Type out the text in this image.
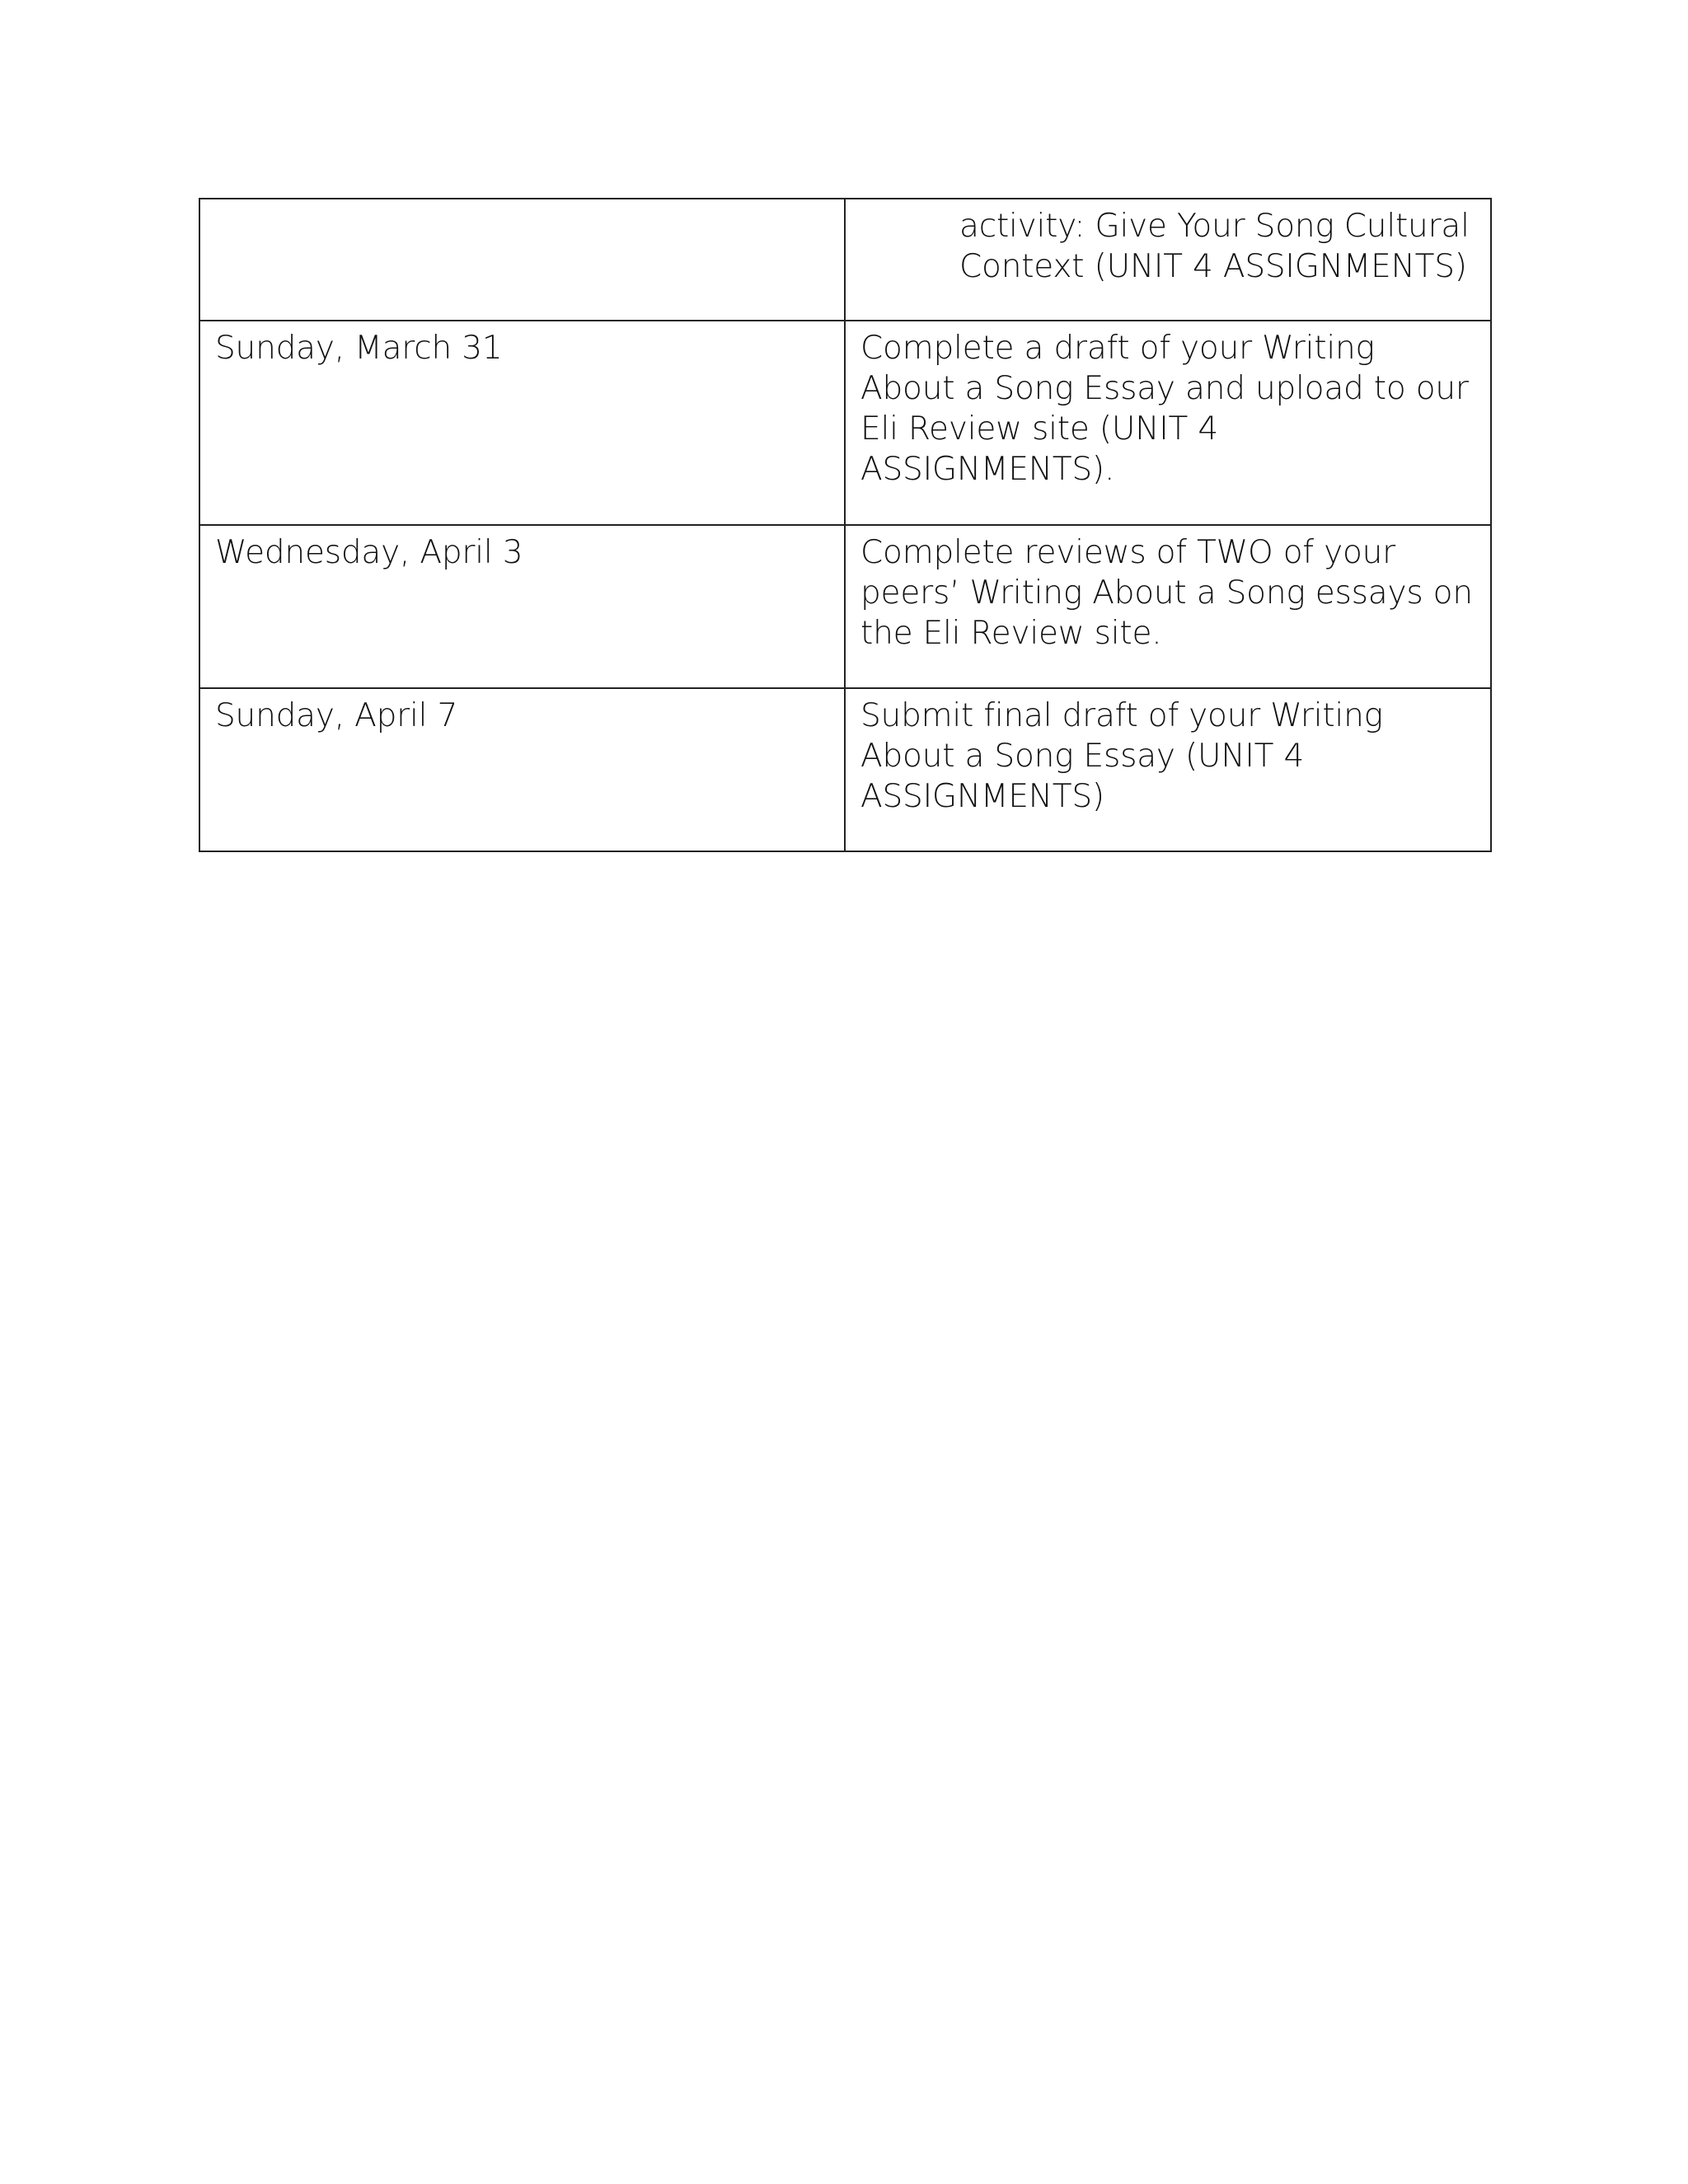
	activity: Give Your Song Cultural Context (UNIT 4 ASSIGNMENTS)

Sunday, March 31	Complete a draft of your Writing About a Song Essay and upload to our Eli Review site (UNIT 4 ASSIGNMENTS).

Wednesday, April 3	Complete reviews of TWO of your peers’ Writing About a Song essays on the Eli Review site.

Sunday, April 7	Submit final draft of your Writing About a Song Essay (UNIT 4 ASSIGNMENTS)
